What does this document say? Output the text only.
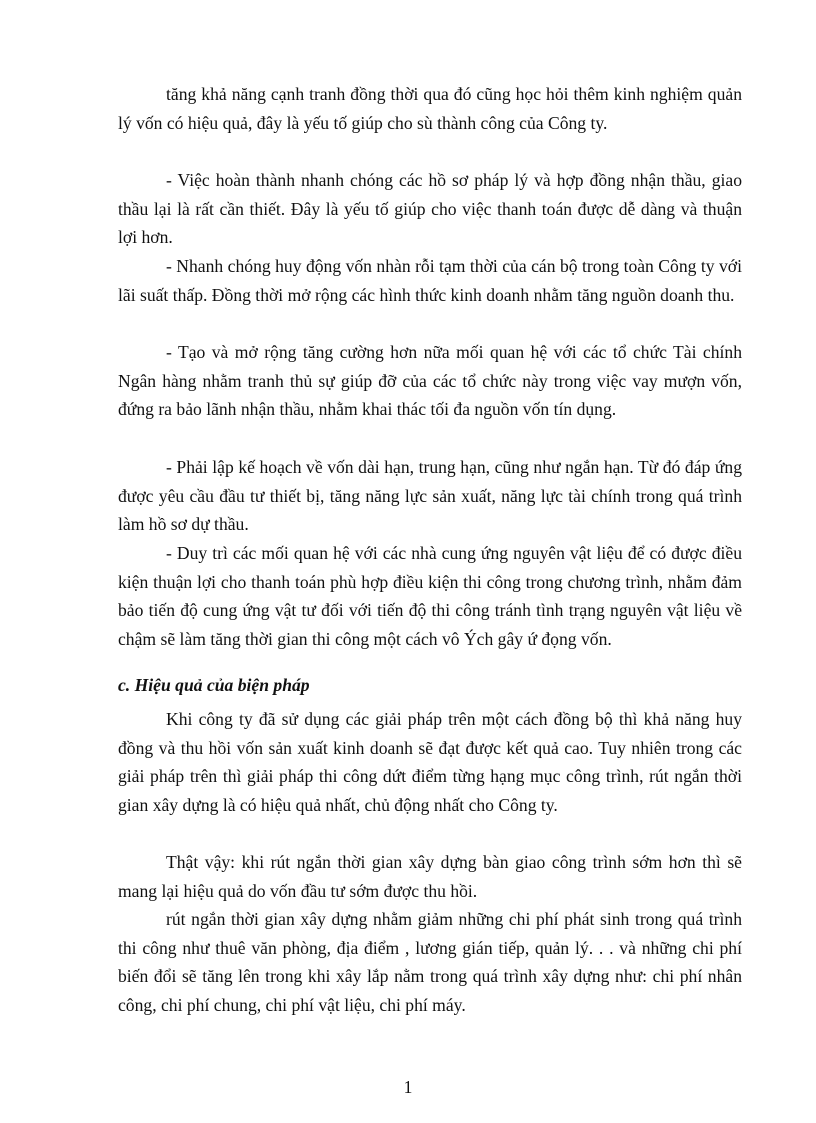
tăng khả năng cạnh tranh đồng thời qua đó cũng học hỏi thêm kinh nghiệm quản lý vốn có hiệu quả, đây là yếu tố giúp cho sù thành công của Công ty.

- Việc hoàn thành nhanh chóng các hồ sơ pháp lý và hợp đồng nhận thầu, giao thầu lại là rất cần thiết. Đây là yếu tố giúp cho việc thanh toán được dễ dàng và thuận lợi hơn.

- Nhanh chóng huy động vốn nhàn rỗi tạm thời của cán bộ trong toàn Công ty với lãi suất thấp. Đồng thời mở rộng các hình thức kinh doanh nhằm tăng nguồn doanh thu.

- Tạo và mở rộng tăng cường hơn nữa mối quan hệ với các tổ chức Tài chính Ngân hàng nhằm tranh thủ sự giúp đỡ của các tổ chức này trong việc vay mượn vốn, đứng ra bảo lãnh nhận thầu, nhằm khai thác tối đa nguồn vốn tín dụng.

- Phải lập kế hoạch về vốn dài hạn, trung hạn, cũng như ngắn hạn. Từ đó đáp ứng được yêu cầu đầu tư thiết bị, tăng năng lực sản xuất, năng lực tài chính trong quá trình làm hồ sơ dự thầu.

- Duy trì các mối quan hệ với các nhà cung ứng nguyên vật liệu để có được điều kiện thuận lợi cho thanh toán phù hợp điều kiện thi công trong chương trình, nhằm đảm bảo tiến độ cung ứng vật tư đối với tiến độ thi công tránh tình trạng nguyên vật liệu về chậm sẽ làm tăng thời gian thi công một cách vô Ých gây ứ đọng vốn.

c. Hiệu quả của biện pháp

Khi công ty đã sử dụng các giải pháp trên một cách đồng bộ thì khả năng huy đồng và thu hồi vốn sản xuất kinh doanh sẽ đạt được kết quả cao. Tuy nhiên trong các giải pháp trên thì giải pháp thi công dứt điểm từng hạng mục công trình, rút ngắn thời gian xây dựng là có hiệu quả nhất, chủ động nhất cho Công ty.

Thật vậy: khi rút ngắn thời gian xây dựng bàn giao công trình sớm hơn thì sẽ mang lại hiệu quả do vốn đầu tư sớm được thu hồi.

rút ngắn thời gian xây dựng nhằm giảm những chi phí phát sinh trong quá trình thi công như thuê văn phòng, địa điểm , lương gián tiếp, quản lý. . . và những chi phí biến đổi sẽ tăng lên trong khi xây lắp nằm trong quá trình xây dựng như: chi phí nhân công, chi phí chung, chi phí vật liệu, chi phí máy.

1
